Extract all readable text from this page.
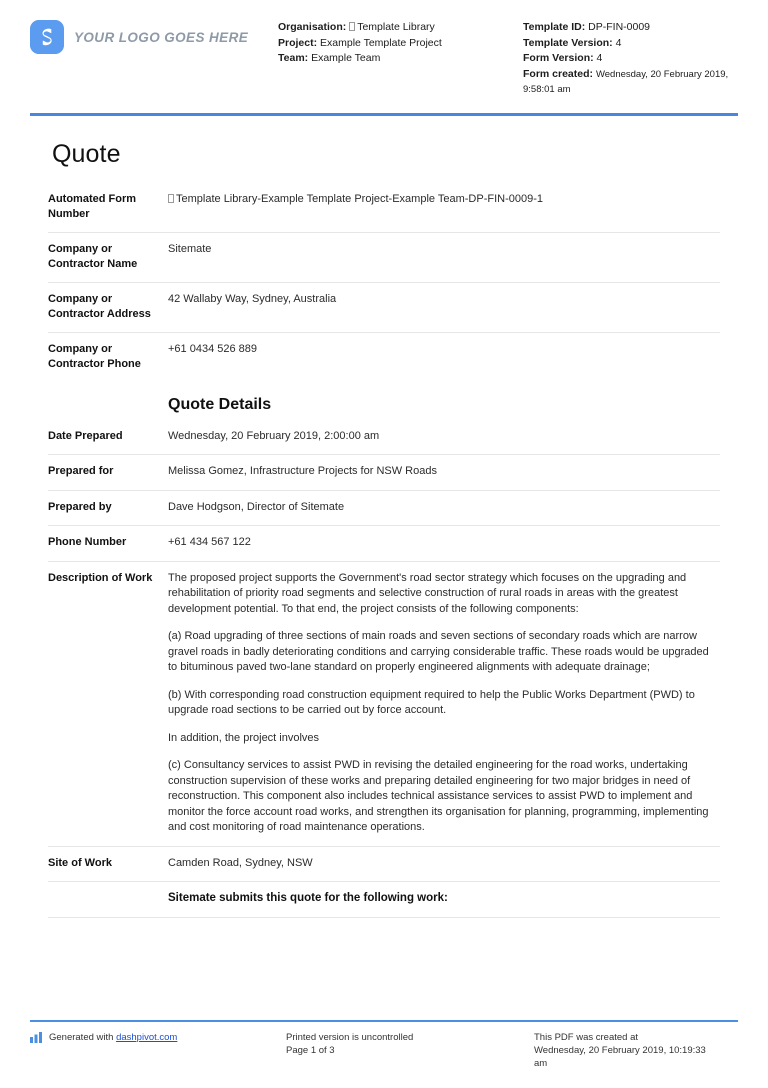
YOUR LOGO GOES HERE
Organisation: Template Library
Project: Example Template Project
Team: Example Team
Template ID: DP-FIN-0009
Template Version: 4
Form Version: 4
Form created: Wednesday, 20 February 2019, 9:58:01 am
Quote
Automated Form Number	Template Library-Example Template Project-Example Team-DP-FIN-0009-1
Company or Contractor Name	Sitemate
Company or Contractor Address	42 Wallaby Way, Sydney, Australia
Company or Contractor Phone	+61 0434 526 889
Quote Details
Date Prepared	Wednesday, 20 February 2019, 2:00:00 am
Prepared for	Melissa Gomez, Infrastructure Projects for NSW Roads
Prepared by	Dave Hodgson, Director of Sitemate
Phone Number	+61 434 567 122
Description of Work	The proposed project supports the Government's road sector strategy which focuses on the upgrading and rehabilitation of priority road segments and selective construction of rural roads in areas with the greatest development potential. To that end, the project consists of the following components:

(a) Road upgrading of three sections of main roads and seven sections of secondary roads which are narrow gravel roads in badly deteriorating conditions and carrying considerable traffic. These roads would be upgraded to bituminous paved two-lane standard on properly engineered alignments with adequate drainage;

(b) With corresponding road construction equipment required to help the Public Works Department (PWD) to upgrade road sections to be carried out by force account.

In addition, the project involves

(c) Consultancy services to assist PWD in revising the detailed engineering for the road works, undertaking construction supervision of these works and preparing detailed engineering for two major bridges in need of reconstruction. This component also includes technical assistance services to assist PWD to implement and monitor the force account road works, and strengthen its organisation for planning, programming, implementing and cost monitoring of road maintenance operations.

Site of Work	Camden Road, Sydney, NSW
	Sitemate submits this quote for the following work:
Generated with dashpivot.com	Printed version is uncontrolled

Page 1 of 3

This PDF was created at

Wednesday, 20 February 2019, 10:19:33 am
